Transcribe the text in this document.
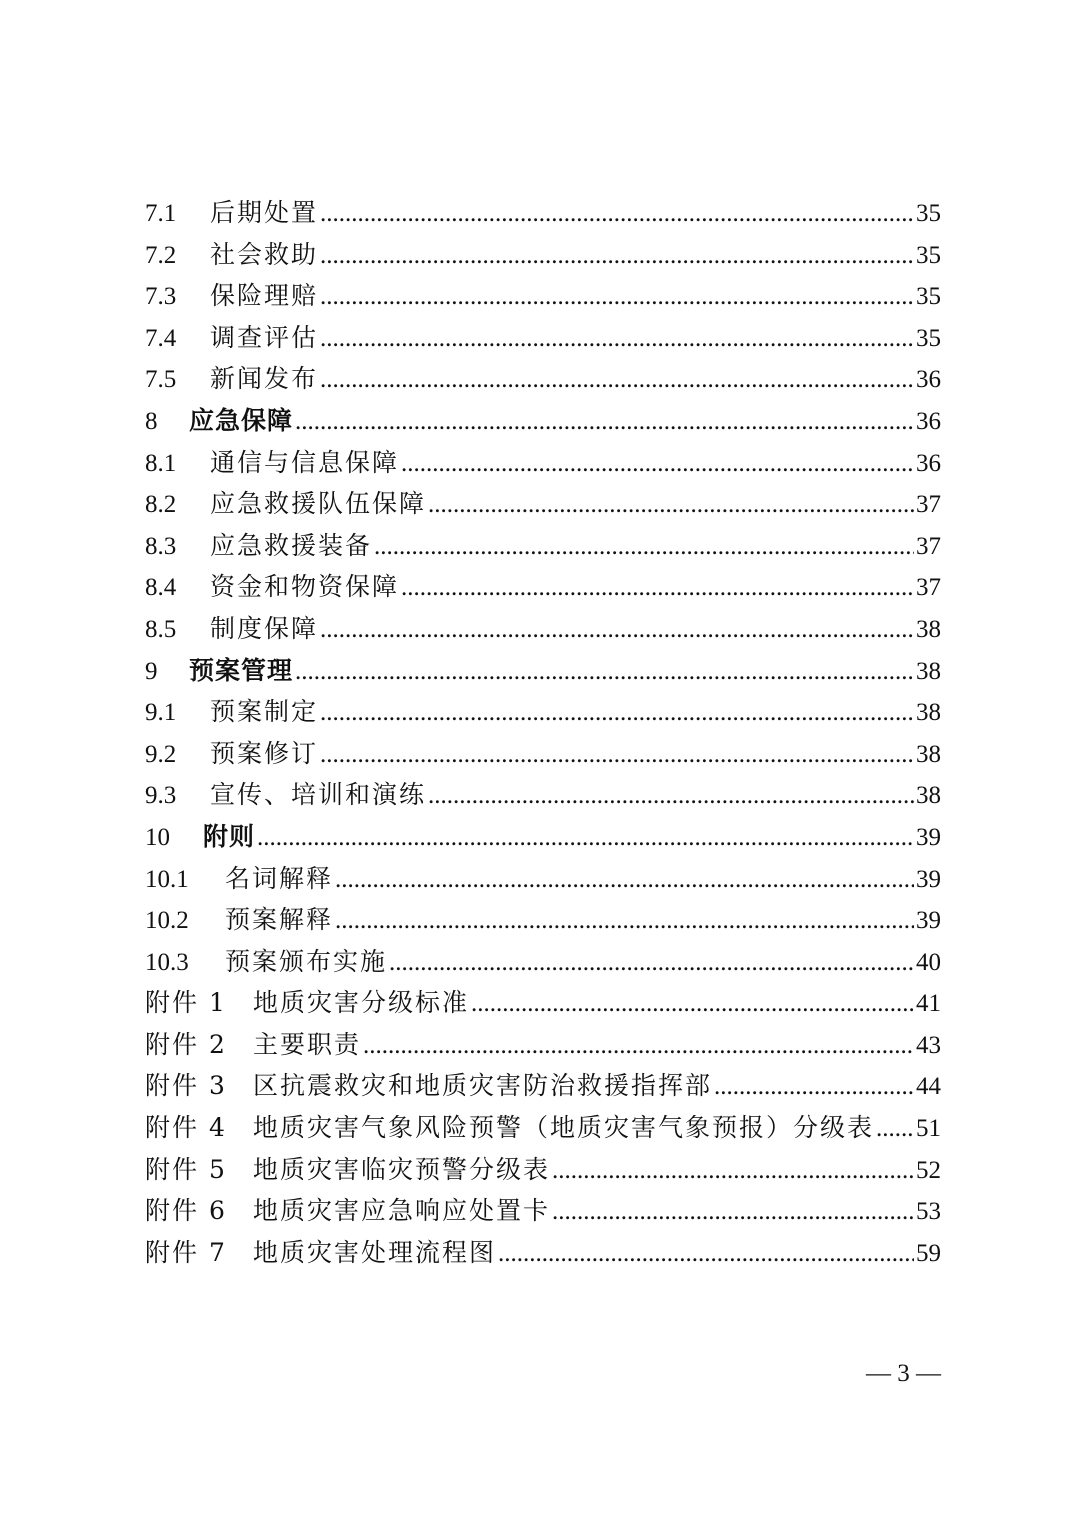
7.1	后期处置 .....	35
7.2	社会救助 .....	35
7.3	保险理赔 .....	35
7.4	调查评估 .....	35
7.5	新闻发布 .....	36
8	应急保障 .....	36
8.1	通信与信息保障 .....	36
8.2	应急救援队伍保障 .....	37
8.3	应急救援装备 .....	37
8.4	资金和物资保障 .....	37
8.5	制度保障 .....	38
9	预案管理 .....	38
9.1	预案制定 .....	38
9.2	预案修订 .....	38
9.3	宣传、培训和演练 .....	38
10	附则 .....	39
10.1	名词解释 .....	39
10.2	预案解释 .....	39
10.3	预案颁布实施 .....	40
附件 1	地质灾害分级标准 .....	41
附件 2	主要职责 .....	43
附件 3	区抗震救灾和地质灾害防治救援指挥部 .....	44
附件 4	地质灾害气象风险预警（地质灾害气象预报）分级表 ..... 51
附件 5	地质灾害临灾预警分级表 .....	52
附件 6	地质灾害应急响应处置卡 .....	53
附件 7	地质灾害处理流程图 .....	59
— 3 —
